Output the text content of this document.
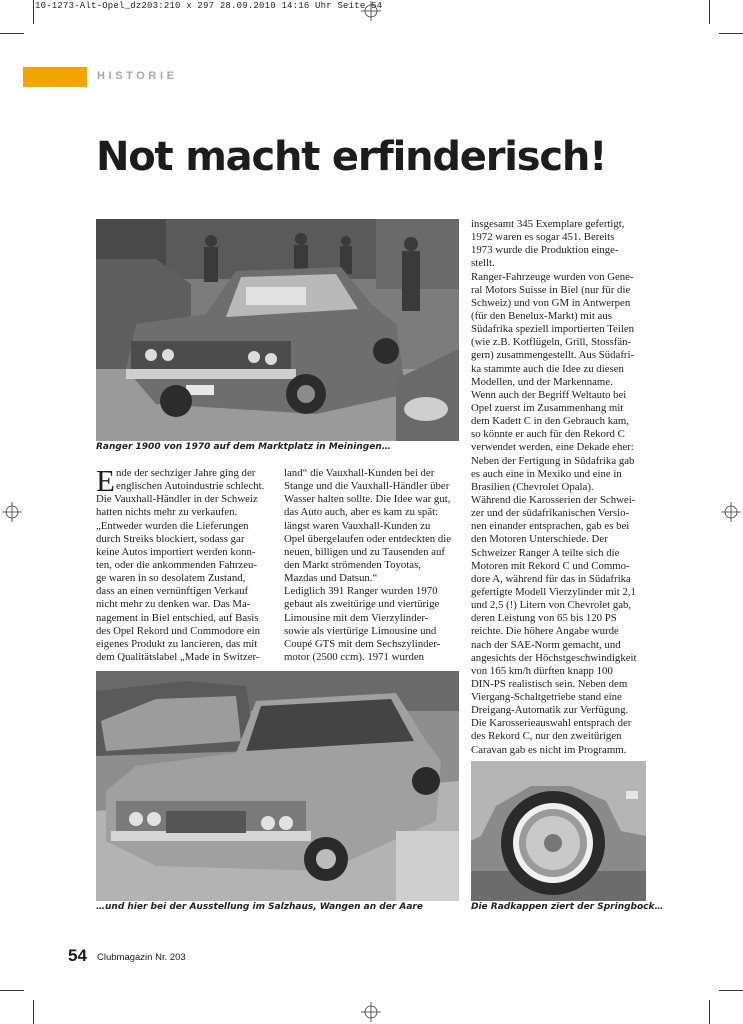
10-1273-Alt-Opel_dz203:210 x 297 28.09.2010 14:16 Uhr Seite 54
HISTORIE
Not macht erfinderisch!
Ranger 1900 von 1970 auf dem Marktplatz in Meiningen…
E nde der sechziger Jahre ging der
englischen Autoindustrie schlecht.
Die Vauxhall-Händler in der Schweiz
hatten nichts mehr zu verkaufen.
„Entweder wurden die Lieferungen
durch Streiks blockiert, sodass gar
keine Autos importiert werden konn-
ten, oder die ankommenden Fahrzeu-
ge waren in so desolatem Zustand,
dass an einen vernünftigen Verkauf
nicht mehr zu denken war. Das Ma-
nagement in Biel entschied, auf Basis
des Opel Rekord und Commodore ein
eigenes Produkt zu lancieren, das mit
dem Qualitätslabel „Made in Switzer-
land“ die Vauxhall-Kunden bei der
Stange und die Vauxhall-Händler über
Wasser halten sollte. Die Idee war gut,
das Auto auch, aber es kam zu spät:
längst waren Vauxhall-Kunden zu
Opel übergelaufen oder entdeckten die
neuen, billigen und zu Tausenden auf
den Markt strömenden Toyotas,
Mazdas und Datsun.“
Lediglich 391 Ranger wurden 1970
gebaut als zweitürige und viertürige
Limousine mit dem Vierzylinder-
sowie als viertürige Limousine und
Coupé GTS mit dem Sechszylinder-
motor (2500 ccm). 1971 wurden
insgesamt 345 Exemplare gefertigt,
1972 waren es sogar 451. Bereits
1973 wurde die Produktion einge-
stellt.
Ranger-Fahrzeuge wurden von Gene-
ral Motors Suisse in Biel (nur für die
Schweiz) und von GM in Antwerpen
(für den Benelux-Markt) mit aus
Südafrika speziell importierten Teilen
(wie z.B. Kotflügeln, Grill, Stossfän-
gern) zusammengestellt. Aus Südafri-
ka stammte auch die Idee zu diesen
Modellen, und der Markenname.
Wenn auch der Begriff Weltauto bei
Opel zuerst im Zusammenhang mit
dem Kadett C in den Gebrauch kam,
so könnte er auch für den Rekord C
verwendet werden, eine Dekade eher:
Neben der Fertigung in Südafrika gab
es auch eine in Mexiko und eine in
Brasilien (Chevrolet Opala).
Während die Karosserien der Schwei-
zer und der südafrikanischen Versio-
nen einander entsprachen, gab es bei
den Motoren Unterschiede. Der
Schweizer Ranger A teilte sich die
Motoren mit Rekord C und Commo-
dore A, während für das in Südafrika
gefertigte Modell Vierzylinder mit 2,1
und 2,5 (!) Litern von Chevrolet gab,
deren Leistung von 65 bis 120 PS
reichte. Die höhere Angabe wurde
nach der SAE-Norm gemacht, und
angesichts der Höchstgeschwindigkeit
von 165 km/h dürften knapp 100
DIN-PS realistisch sein. Neben dem
Viergang-Schaltgetriebe stand eine
Dreigang-Automatik zur Verfügung.
Die Karosserieauswahl entsprach der
des Rekord C, nur den zweitürigen
Caravan gab es nicht im Programm.
…und hier bei der Ausstellung im Salzhaus, Wangen an der Aare	Die Radkappen ziert der Springbock…
54 Clubmagazin Nr. 203
